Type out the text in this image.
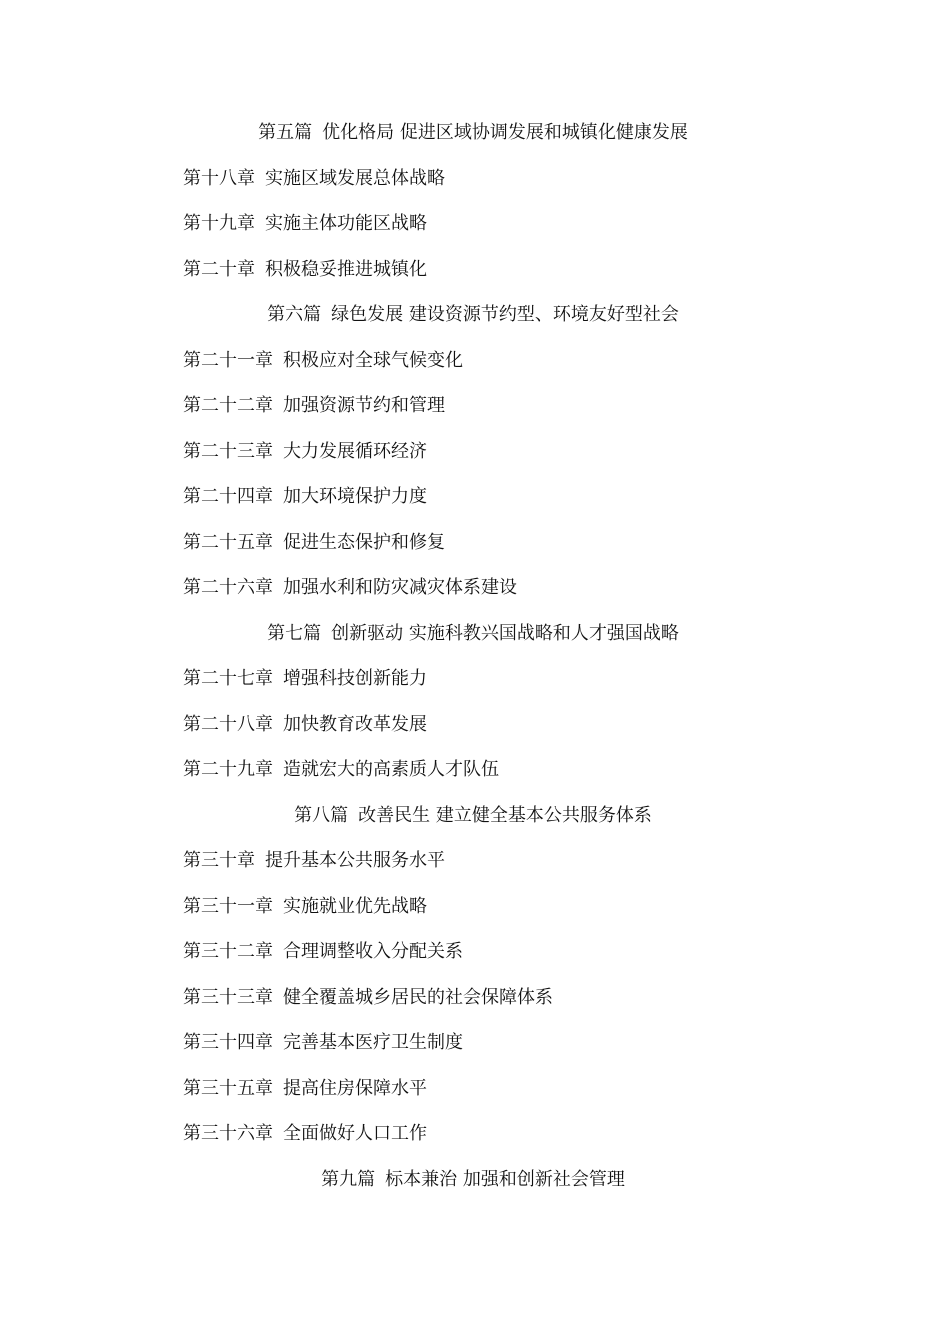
第五篇 优化格局 促进区域协调发展和城镇化健康发展
第十八章 实施区域发展总体战略
第十九章 实施主体功能区战略
第二十章 积极稳妥推进城镇化
第六篇 绿色发展 建设资源节约型、环境友好型社会
第二十一章 积极应对全球气候变化
第二十二章 加强资源节约和管理
第二十三章 大力发展循环经济
第二十四章 加大环境保护力度
第二十五章 促进生态保护和修复
第二十六章 加强水利和防灾减灾体系建设
第七篇 创新驱动 实施科教兴国战略和人才强国战略
第二十七章 增强科技创新能力
第二十八章 加快教育改革发展
第二十九章 造就宏大的高素质人才队伍
第八篇 改善民生 建立健全基本公共服务体系
第三十章 提升基本公共服务水平
第三十一章 实施就业优先战略
第三十二章 合理调整收入分配关系
第三十三章 健全覆盖城乡居民的社会保障体系
第三十四章 完善基本医疗卫生制度
第三十五章 提高住房保障水平
第三十六章 全面做好人口工作
第九篇 标本兼治 加强和创新社会管理
